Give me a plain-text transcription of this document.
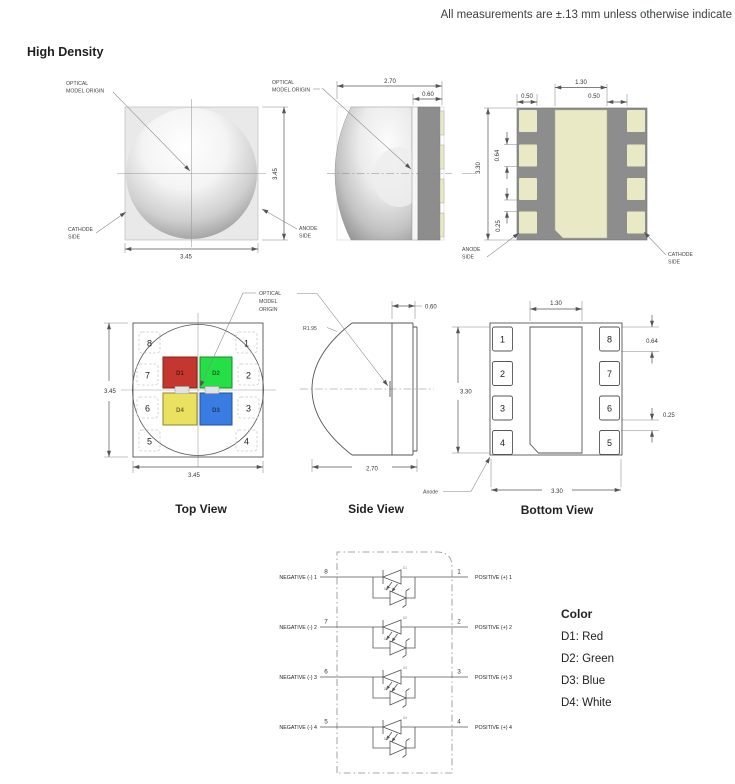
All measurements are ±.13 mm unless otherwise indicate
High Density
OPTICAL
MODEL ORIGIN
CATHODE
SIDE
ANODE
SIDE
3.45
3.45
OPTICAL
MODEL ORIGIN
2.70
0.60
1.30
0.50	0.50
3.30
0.64
0.25
ANODE
SIDE	CATHODE
SIDE
8	1
7	2
6	3
5	4
D1	D2
D4	D3
3.45
3.45
OPTICAL
MODEL
ORIGIN
Top View
R1.95
0.60
2.70
Side View
1
2
3
4
8
7
6
5
1.30
3.30
3.30
0.64
0.25
Anode
Bottom View
NEGATIVE (-) 1	POSITIVE (+) 1
8	1
D1
D5
NEGATIVE (-) 2	POSITIVE (+) 2
7	2
D2
D6
NEGATIVE (-) 3	POSITIVE (+) 3
6	3
D3
D7
NEGATIVE (-) 4	POSITIVE (+) 4
5	4
D4
D8
Color
D1: Red
D2: Green
D3: Blue
D4: White
